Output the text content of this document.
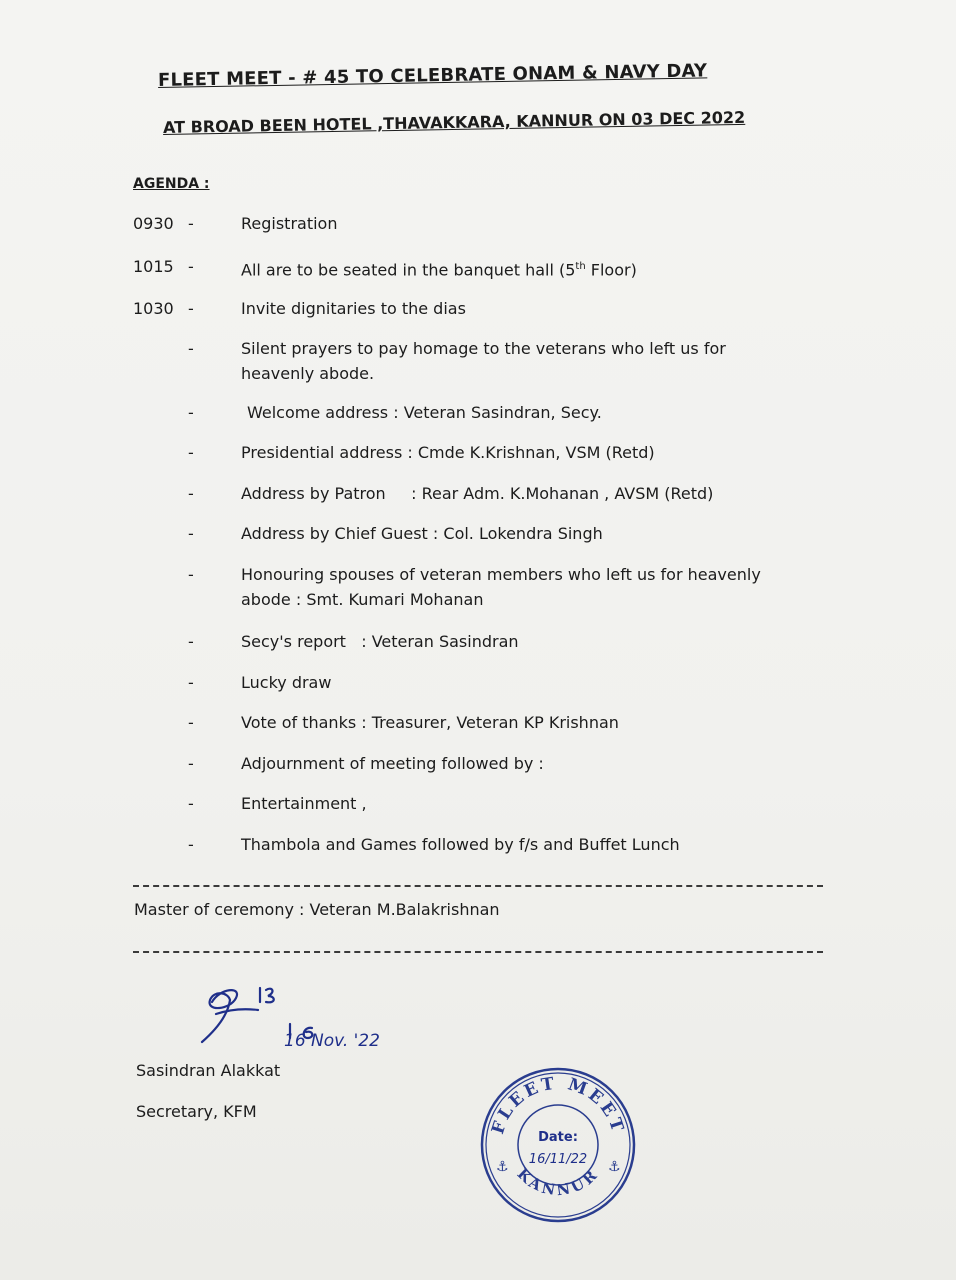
FLEET MEET - # 45 TO CELEBRATE ONAM & NAVY DAY
AT BROAD BEEN HOTEL ,THAVAKKARA, KANNUR ON 03 DEC 2022
AGENDA :
0930 -	Registration
1015 -	All are to be seated in the banquet hall (5th Floor)
1030 -	Invite dignitaries to the dias
-	Silent prayers to pay homage to the veterans who left us for heavenly abode.
-	Welcome address : Veteran Sasindran, Secy.
-	Presidential address : Cmde K.Krishnan, VSM (Retd)
-	Address by Patron     : Rear Adm. K.Mohanan , AVSM (Retd)
-	Address by Chief Guest : Col. Lokendra Singh
-	Honouring spouses of veteran members who left us for heavenly abode : Smt. Kumari Mohanan
-	Secy's report   : Veteran Sasindran
-	Lucky draw
-	Vote of thanks : Treasurer, Veteran KP Krishnan
-	Adjournment of meeting followed by :
-	Entertainment ,
-	Thambola and Games followed by f/s and Buffet Lunch
Master of ceremony : Veteran M.Balakrishnan
16 Nov. '22
Sasindran Alakkat
Secretary, KFM
FLEET MEET
KANNUR
⚓	⚓
Date:
16/11/22
